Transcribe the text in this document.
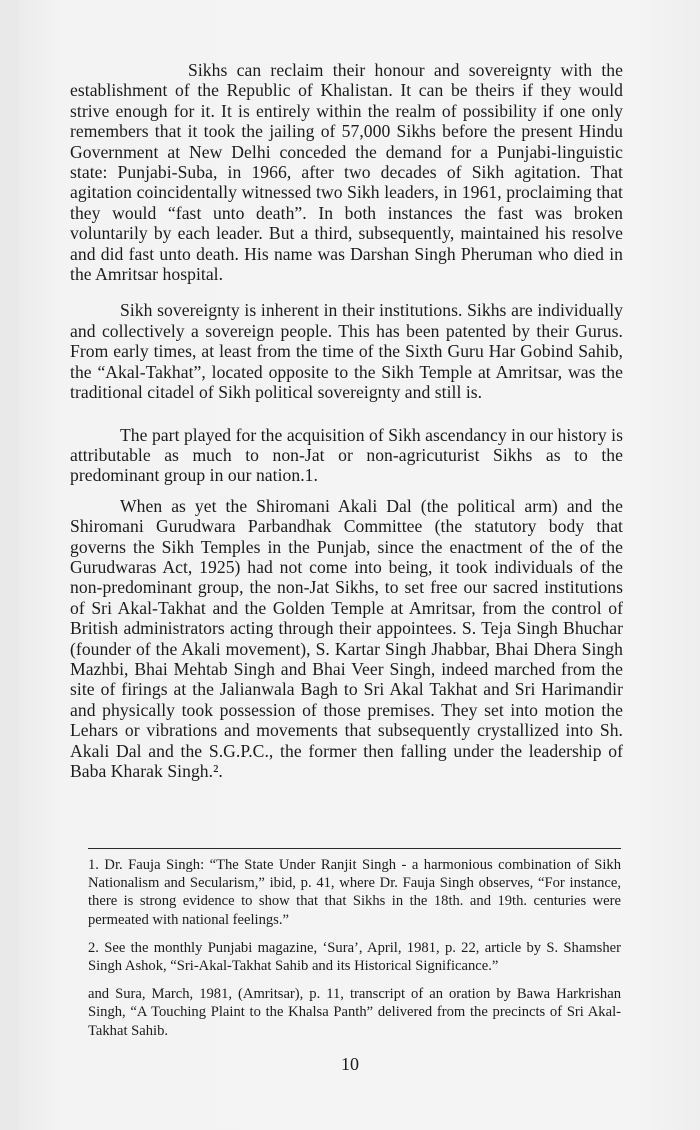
Sikhs can reclaim their honour and sovereignty with the establishment of the Republic of Khalistan. It can be theirs if they would strive enough for it. It is entirely within the realm of possibility if one only remembers that it took the jailing of 57,000 Sikhs before the present Hindu Government at New Delhi conceded the demand for a Punjabi-linguistic state: Punjabi-Suba, in 1966, after two decades of Sikh agitation. That agitation coincidentally witnessed two Sikh leaders, in 1961, proclaiming that they would “fast unto death”. In both instances the fast was broken voluntarily by each leader. But a third, subsequently, maintained his resolve and did fast unto death. His name was Darshan Singh Pheruman who died in the Amritsar hospital.

Sikh sovereignty is inherent in their institutions. Sikhs are individually and collectively a sovereign people. This has been patented by their Gurus. From early times, at least from the time of the Sixth Guru Har Gobind Sahib, the “Akal-Takhat”, located opposite to the Sikh Temple at Amritsar, was the traditional citadel of Sikh political sovereignty and still is.

The part played for the acquisition of Sikh ascendancy in our history is attributable as much to non-Jat or non-agricuturist Sikhs as to the predominant group in our nation.1.

When as yet the Shiromani Akali Dal (the political arm) and the Shiromani Gurudwara Parbandhak Committee (the statutory body that governs the Sikh Temples in the Punjab, since the enactment of the of the Gurudwaras Act, 1925) had not come into being, it took individuals of the non-predominant group, the non-Jat Sikhs, to set free our sacred institutions of Sri Akal-Takhat and the Golden Temple at Amritsar, from the control of British administrators acting through their appointees. S. Teja Singh Bhuchar (founder of the Akali movement), S. Kartar Singh Jhabbar, Bhai Dhera Singh Mazhbi, Bhai Mehtab Singh and Bhai Veer Singh, indeed marched from the site of firings at the Jalianwala Bagh to Sri Akal Takhat and Sri Harimandir and physically took possession of those premises. They set into motion the Lehars or vibrations and movements that subsequently crystallized into Sh. Akali Dal and the S.G.P.C., the former then falling under the leadership of Baba Kharak Singh.².

1. Dr. Fauja Singh: “The State Under Ranjit Singh - a harmonious combination of Sikh Nationalism and Secularism,” ibid, p. 41, where Dr. Fauja Singh observes, “For instance, there is strong evidence to show that that Sikhs in the 18th. and 19th. centuries were permeated with national feelings.”

2. See the monthly Punjabi magazine, ‘Sura’, April, 1981, p. 22, article by S. Shamsher Singh Ashok, “Sri-Akal-Takhat Sahib and its Historical Significance.”

and Sura, March, 1981, (Amritsar), p. 11, transcript of an oration by Bawa Harkrishan Singh, “A Touching Plaint to the Khalsa Panth” delivered from the precincts of Sri Akal-Takhat Sahib.

10
